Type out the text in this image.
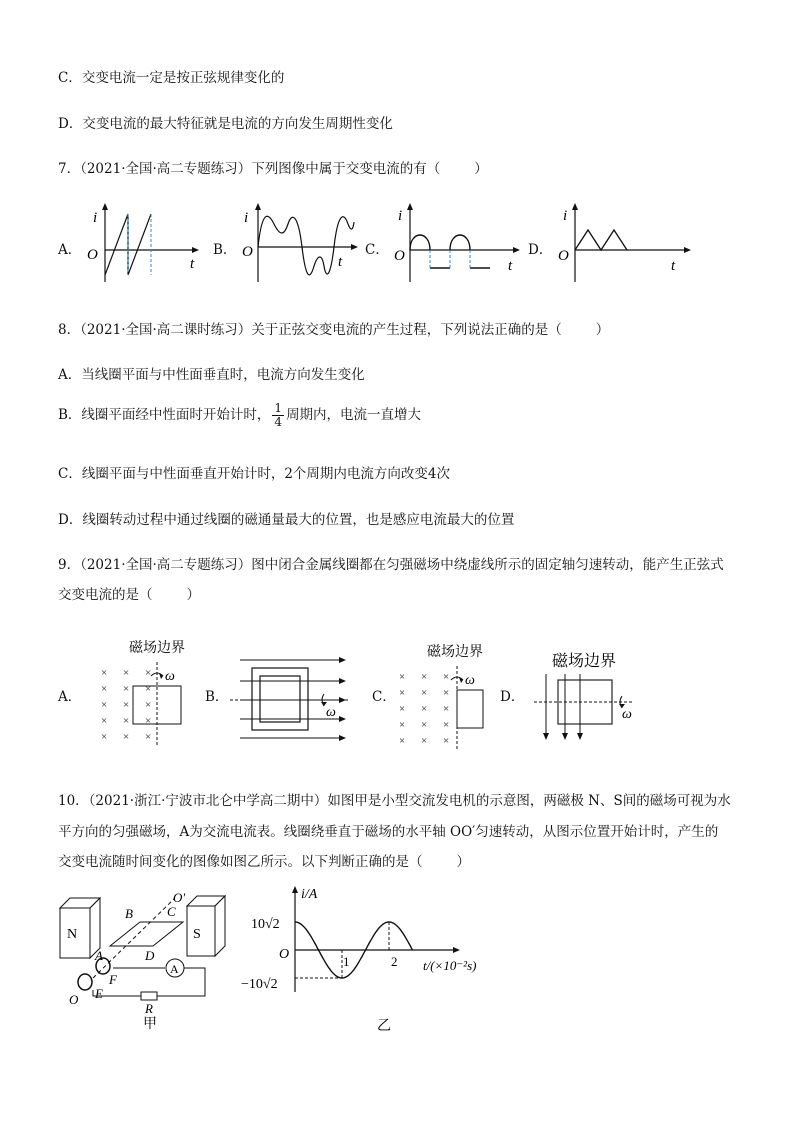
C．交变电流一定是按正弦规律变化的
D．交变电流的最大特征就是电流的方向发生周期性变化
7．（2021·全国·高二专题练习）下列图像中属于交变电流的有（	）
A．	B．	C．	D．
i
O
t
i
O
t
i
O
t
i
O
t
8．（2021·全国·高二课时练习）关于正弦交变电流的产生过程，下列说法正确的是（	）
A．当线圈平面与中性面垂直时，电流方向发生变化
B．线圈平面经中性面时开始计时， $\frac{1}{4}$ 周期内，电流一直增大
C．线圈平面与中性面垂直开始计时，2个周期内电流方向改变4次
D．线圈转动过程中通过线圈的磁通量最大的位置，也是感应电流最大的位置
9．（2021·全国·高二专题练习）图中闭合金属线圈都在匀强磁场中绕虚线所示的固定轴匀速转动，能产生正弦式
交变电流的是（	）
A．	B．	C．	D．
磁场边界
× × ×
× × ×
× × ×
× × ×
× × ×
ω
ω
磁场边界
× × ×
× × ×
× × ×
× × ×
× × ×
ω
磁场边界
ω
10．（2021·浙江·宁波市北仑中学高二期中）如图甲是小型交流发电机的示意图，两磁极 N、S间的磁场可视为水
平方向的匀强磁场，A为交流电流表。线圈绕垂直于磁场的水平轴 OO′匀速转动，从图示位置开始计时，产生的
交变电流随时间变化的图像如图乙所示。以下判断正确的是（	）
N	S
B	C
O′
A	D
O E
F
A
R
甲
i/A
10√2
−10√2
O	1	2 t/(×10⁻²s)
乙
